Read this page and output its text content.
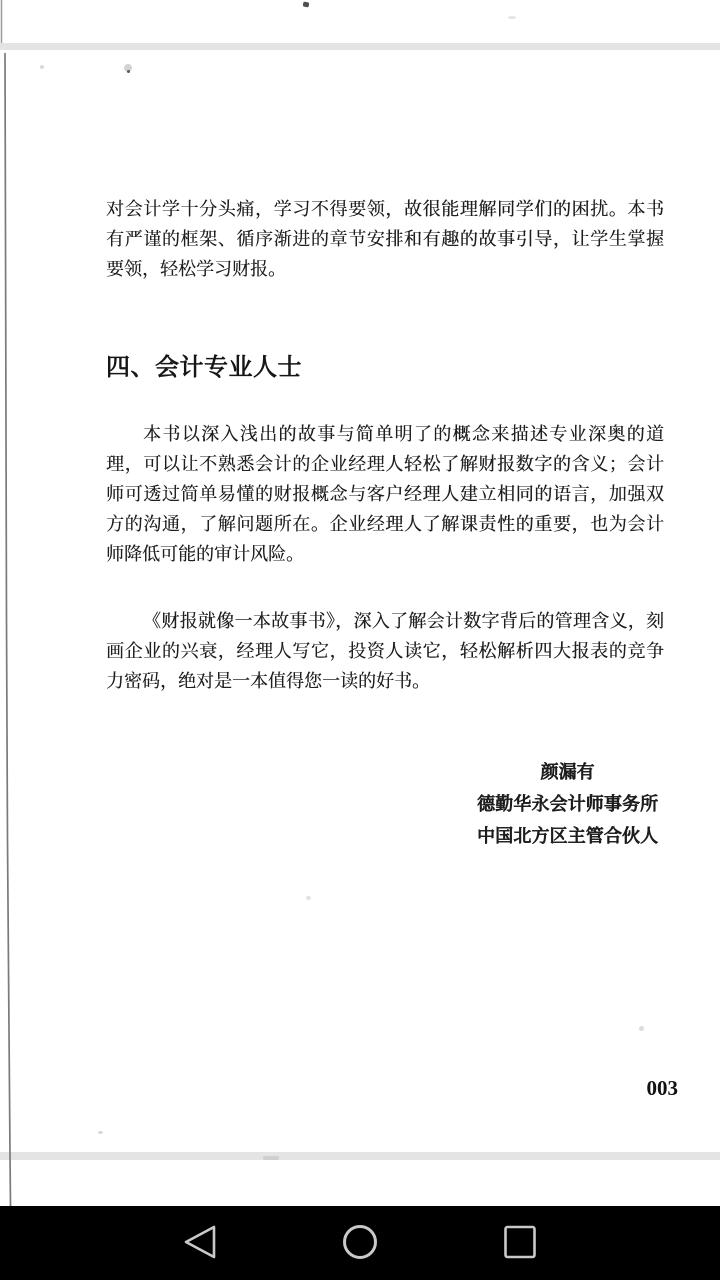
对会计学十分头痛，学习不得要领，故很能理解同学们的困扰。本书
有严谨的框架、循序渐进的章节安排和有趣的故事引导，让学生掌握
要领，轻松学习财报。
四、会计专业人士
本书以深入浅出的故事与简单明了的概念来描述专业深奥的道
理，可以让不熟悉会计的企业经理人轻松了解财报数字的含义；会计
师可透过简单易懂的财报概念与客户经理人建立相同的语言，加强双
方的沟通，了解问题所在。企业经理人了解课责性的重要，也为会计
师降低可能的审计风险。
《财报就像一本故事书》，深入了解会计数字背后的管理含义，刻
画企业的兴衰，经理人写它，投资人读它，轻松解析四大报表的竞争
力密码，绝对是一本值得您一读的好书。
颜漏有
德勤华永会计师事务所
中国北方区主管合伙人
003
